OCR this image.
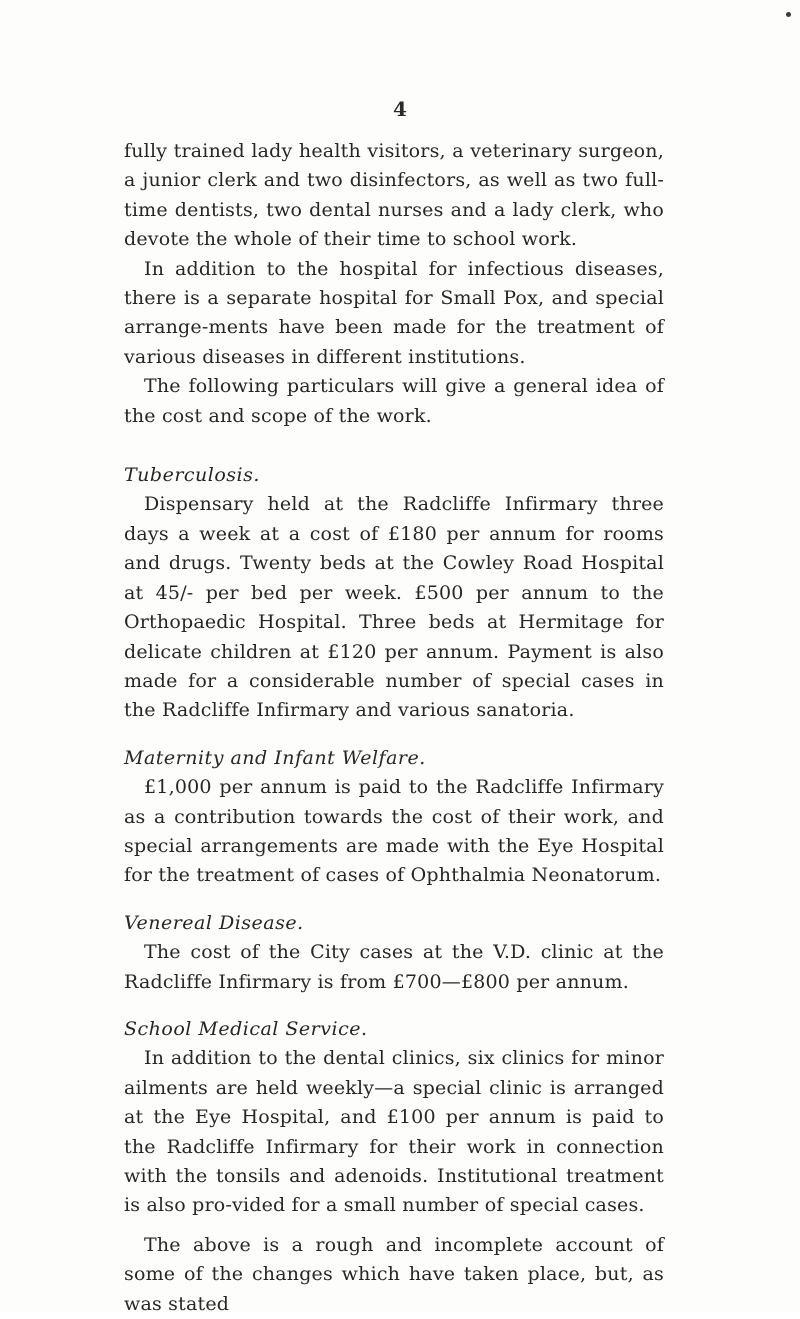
4

fully trained lady health visitors, a veterinary surgeon, a junior clerk and two disinfectors, as well as two full-time dentists, two dental nurses and a lady clerk, who devote the whole of their time to school work.

In addition to the hospital for infectious diseases, there is a separate hospital for Small Pox, and special arrange-ments have been made for the treatment of various diseases in different institutions.

The following particulars will give a general idea of the cost and scope of the work.

Tuberculosis.

Dispensary held at the Radcliffe Infirmary three days a week at a cost of £180 per annum for rooms and drugs. Twenty beds at the Cowley Road Hospital at 45/- per bed per week. £500 per annum to the Orthopaedic Hospital. Three beds at Hermitage for delicate children at £120 per annum. Payment is also made for a considerable number of special cases in the Radcliffe Infirmary and various sanatoria.

Maternity and Infant Welfare.

£1,000 per annum is paid to the Radcliffe Infirmary as a contribution towards the cost of their work, and special arrangements are made with the Eye Hospital for the treatment of cases of Ophthalmia Neonatorum.

Venereal Disease.

The cost of the City cases at the V.D. clinic at the Radcliffe Infirmary is from £700—£800 per annum.

School Medical Service.

In addition to the dental clinics, six clinics for minor ailments are held weekly—a special clinic is arranged at the Eye Hospital, and £100 per annum is paid to the Radcliffe Infirmary for their work in connection with the tonsils and adenoids. Institutional treatment is also pro-vided for a small number of special cases.

The above is a rough and incomplete account of some of the changes which have taken place, but, as was stated
